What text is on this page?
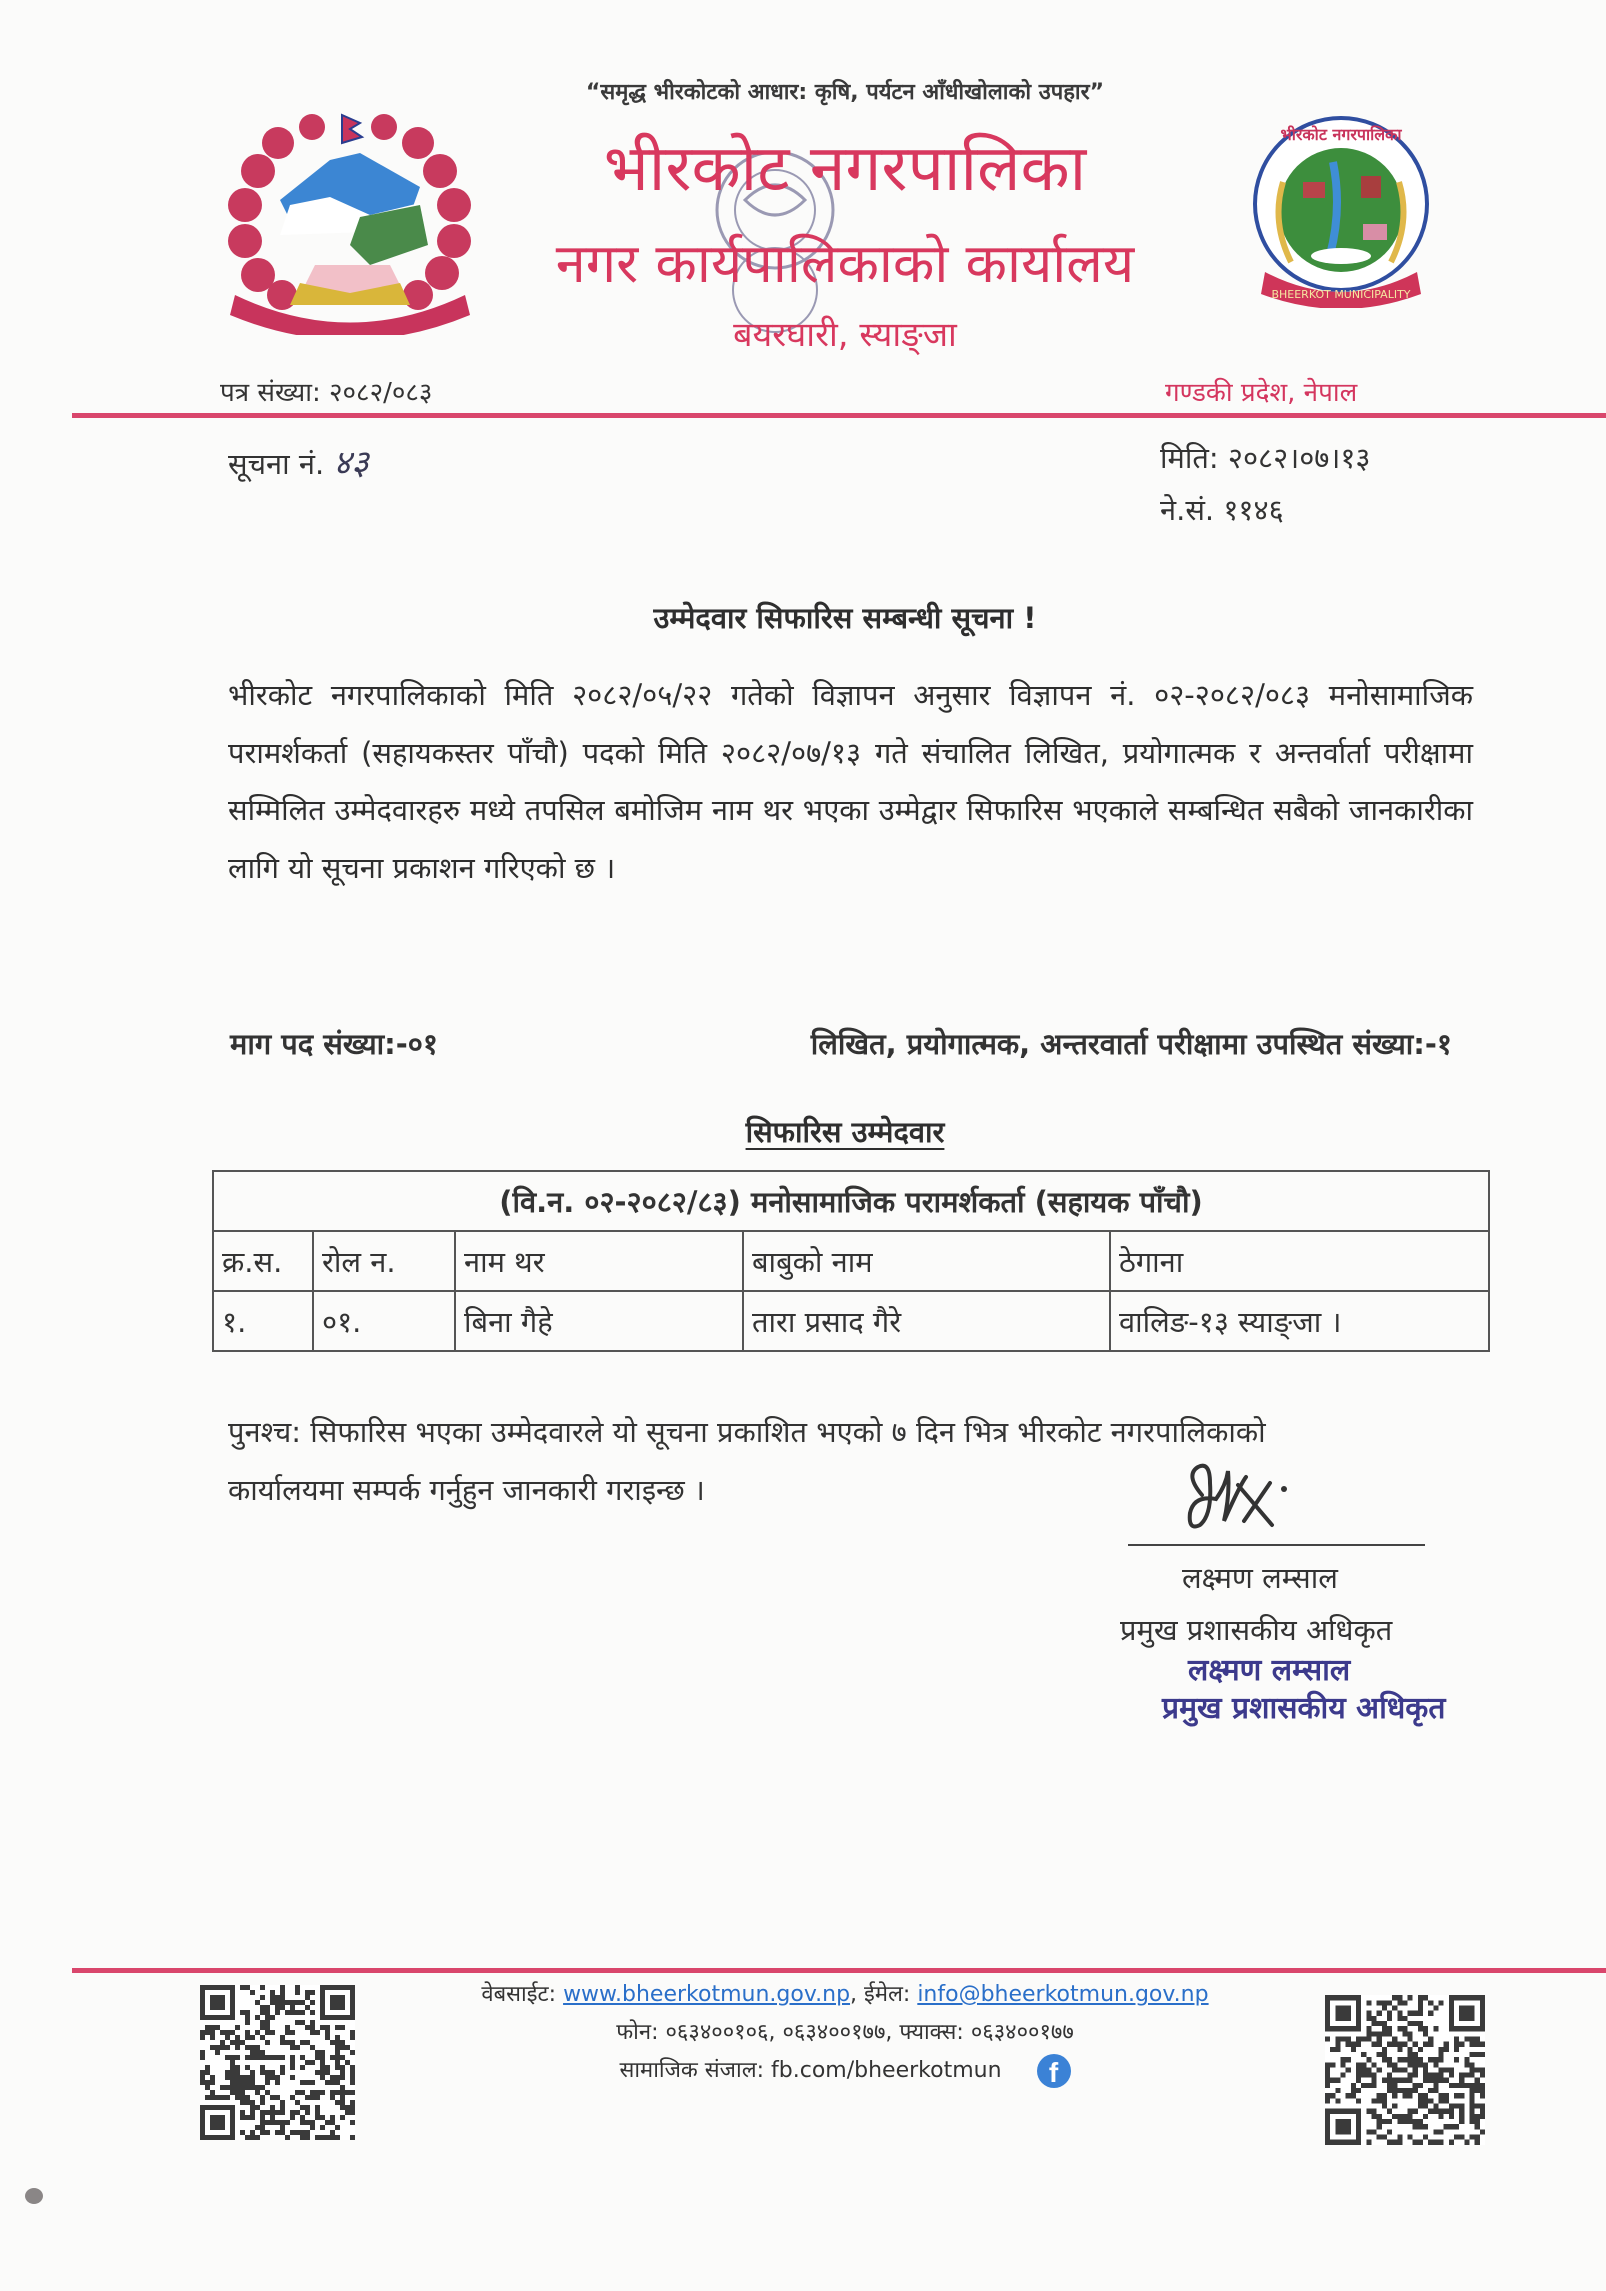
“समृद्ध भीरकोटको आधार: कृषि, पर्यटन आँधीखोलाको उपहार”
भीरकोट नगरपालिका
नगर कार्यपालिकाको कार्यालय
बयरघारी, स्याङ्जा
भीरकोट नगरपालिका
BHEERKOT MUNICIPALITY
पत्र संख्या: २०८२/०८३	गण्डकी प्रदेश, नेपाल
सूचना नं. ४३	मिति: २०८२।०७।१३
ने.सं. ११४६
उम्मेदवार सिफारिस सम्बन्धी सूचना !
भीरकोट नगरपालिकाको मिति २०८२/०५/२२ गतेको विज्ञापन अनुसार विज्ञापन नं. ०२-२०८२/०८३ मनोसामाजिक परामर्शकर्ता (सहायकस्तर पाँचौ) पदको मिति २०८२/०७/१३ गते संचालित लिखित, प्रयोगात्मक र अन्तर्वार्ता परीक्षामा सम्मिलित उम्मेदवारहरु मध्ये तपसिल बमोजिम नाम थर भएका उम्मेद्वार सिफारिस भएकाले सम्बन्धित सबैको जानकारीका लागि यो सूचना प्रकाशन गरिएको छ ।
माग पद संख्या:-०१	लिखित, प्रयोगात्मक, अन्तरवार्ता परीक्षामा उपस्थित संख्या:-१
सिफारिस उम्मेदवार
(वि.न. ०२-२०८२/८३) मनोसामाजिक परामर्शकर्ता (सहायक पाँचौ)				
क्र.स.	रोल न.	नाम थर	बाबुको नाम	ठेगाना
१.	०१.	बिना गैहे	तारा प्रसाद गैरे	वालिङ-१३ स्याङ्जा ।
पुनश्च: सिफारिस भएका उम्मेदवारले यो सूचना प्रकाशित भएको ७ दिन भित्र भीरकोट नगरपालिकाको
कार्यालयमा सम्पर्क गर्नुहुन जानकारी गराइन्छ ।
लक्ष्मण लम्साल
प्रमुख प्रशासकीय अधिकृत
लक्ष्मण लम्साल
प्रमुख प्रशासकीय अधिकृत
वेबसाईट: www.bheerkotmun.gov.np, ईमेल: info@bheerkotmun.gov.np
फोन: ०६३४००१०६, ०६३४००१७७, फ्याक्स: ०६३४००१७७
सामाजिक संजाल: fb.com/bheerkotmun f
